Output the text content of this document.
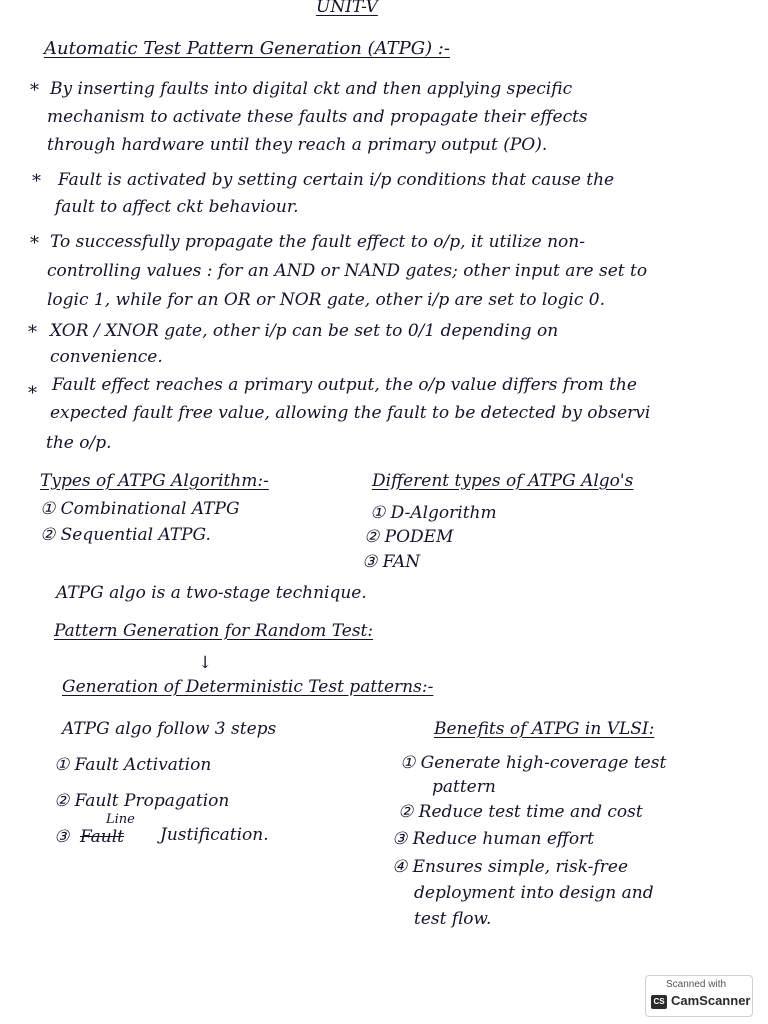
UNIT-V
Automatic Test Pattern Generation (ATPG) :-
* By inserting faults into digital ckt and then applying specific
mechanism to activate these faults and propagate their effects
through hardware until they reach a primary output (PO).
* Fault is activated by setting certain i/p conditions that cause the
fault to affect ckt behaviour.
* To successfully propagate the fault effect to o/p, it utilize non-
controlling values : for an AND or NAND gates; other input are set to
logic 1, while for an OR or NOR gate, other i/p are set to logic 0.
* XOR / XNOR gate, other i/p can be set to 0/1 depending on
convenience.
* Fault effect reaches a primary output, the o/p value differs from the
expected fault free value, allowing the fault to be detected by observi
the o/p.
Types of ATPG Algorithm:-
① Combinational ATPG
② Sequential ATPG.
Different types of ATPG Algo's
① D-Algorithm
② PODEM
③ FAN
ATPG algo is a two-stage technique.
Pattern Generation for Random Test:
↓
Generation of Deterministic Test patterns:-
ATPG algo follow 3 steps
① Fault Activation
② Fault Propagation
③ Fault
Line
Justification.
Benefits of ATPG in VLSI:
① Generate high-coverage test
pattern
② Reduce test time and cost
③ Reduce human effort
④ Ensures simple, risk-free
deployment into design and
test flow.
Scanned with
CS CamScanner
